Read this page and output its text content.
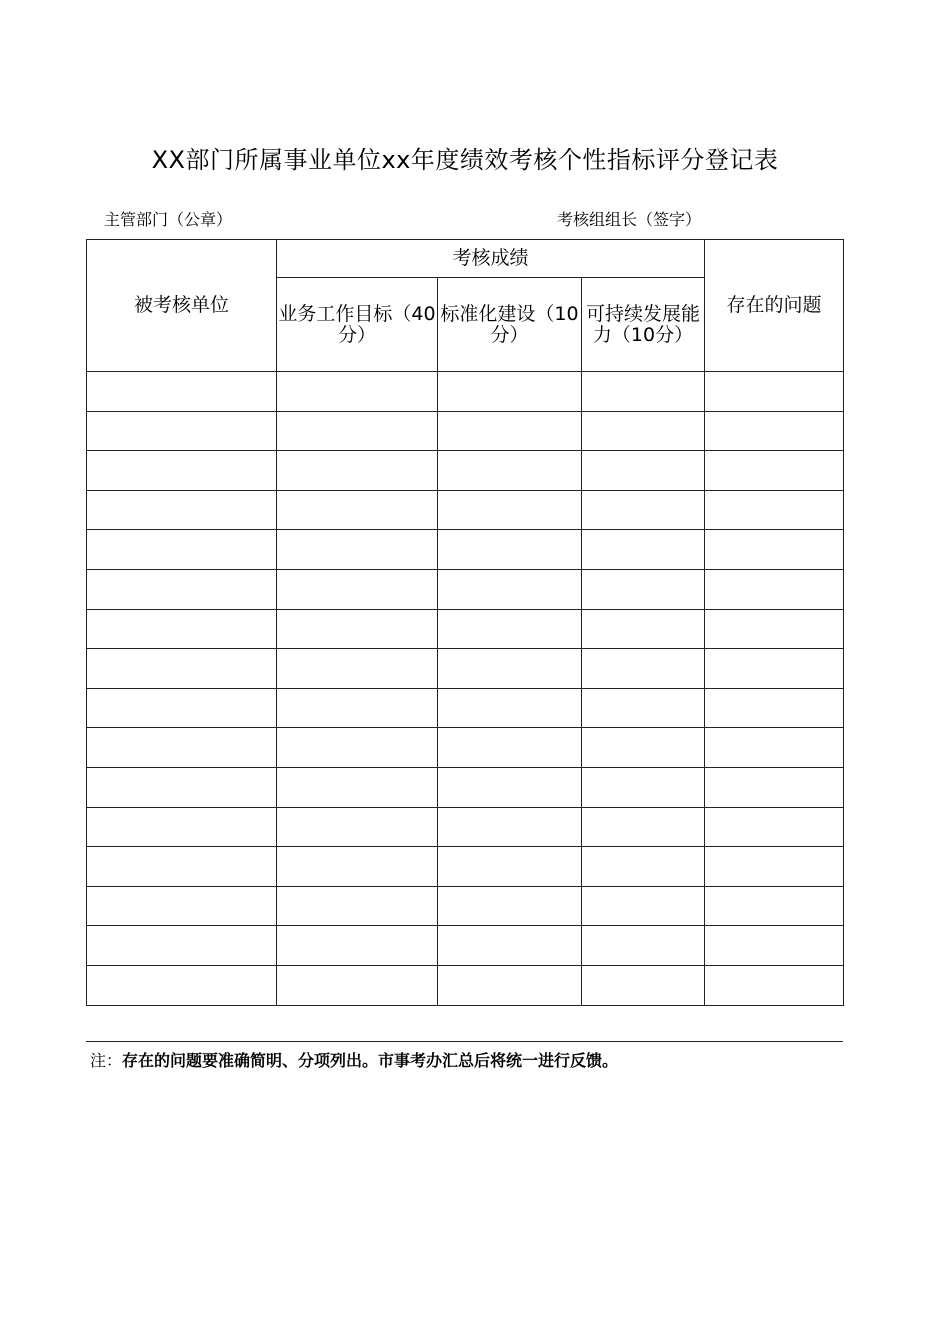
XX部门所属事业单位xx年度绩效考核个性指标评分登记表
主管部门（公章）	考核组组长（签字）
被考核单位	考核成绩			存在的问题
	业务工作目标（40分）	标准化建设（10分）	可持续发展能力（10分）	

注：存在的问题要准确简明、分项列出。市事考办汇总后将统一进行反馈。
